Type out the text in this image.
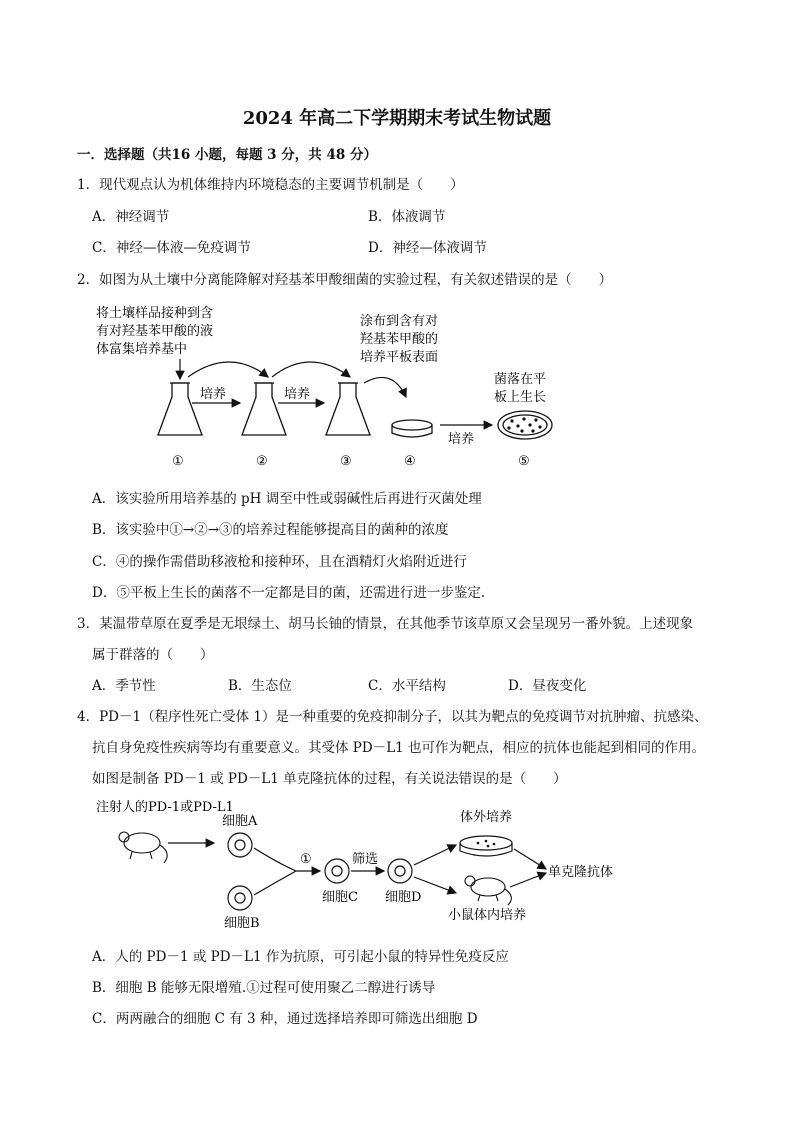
2024 年高二下学期期末考试生物试题
一．选择题（共16 小题，每题 3 分，共 48 分）
1．现代观点认为机体维持内环境稳态的主要调节机制是（　　）
A．神经调节	B．体液调节
C．神经—体液—免疫调节	D．神经—体液调节
2．如图为从土壤中分离能降解对羟基苯甲酸细菌的实验过程，有关叙述错误的是（　　）
将土壤样品接种到含
有对羟基苯甲酸的液
体富集培养基中
涂布到含有对
羟基苯甲酸的
培养平板表面
菌落在平
板上生长
培养	培养
培养
①	②	③	④	⑤
A．该实验所用培养基的 pH 调至中性或弱碱性后再进行灭菌处理
B．该实验中①→②→③的培养过程能够提高目的菌种的浓度
C．④的操作需借助移液枪和接种环，且在酒精灯火焰附近进行
D．⑤平板上生长的菌落不一定都是目的菌，还需进行进一步鉴定.
3．某温带草原在夏季是无垠绿土、胡马长铀的情景，在其他季节该草原又会呈现另一番外貌。上述现象
属于群落的（　　）
A．季节性	B．生态位	C．水平结构	D．昼夜变化
4．PD－1（程序性死亡受体 1）是一种重要的免疫抑制分子，以其为靶点的免疫调节对抗肿瘤、抗感染、
抗自身免疫性疾病等均有重要意义。其受体 PD－L1 也可作为靶点，相应的抗体也能起到相同的作用。
如图是制备 PD－1 或 PD－L1 单克隆抗体的过程，有关说法错误的是（　　）
注射人的PD-1或PD-L1
细胞A
细胞B
①
细胞C
筛选
细胞D
体外培养
小鼠体内培养
单克隆抗体
A．人的 PD－1 或 PD－L1 作为抗原，可引起小鼠的特异性免疫反应
B．细胞 B 能够无限增殖.①过程可使用聚乙二醇进行诱导
C．两两融合的细胞 C 有 3 种，通过选择培养即可筛选出细胞 D
